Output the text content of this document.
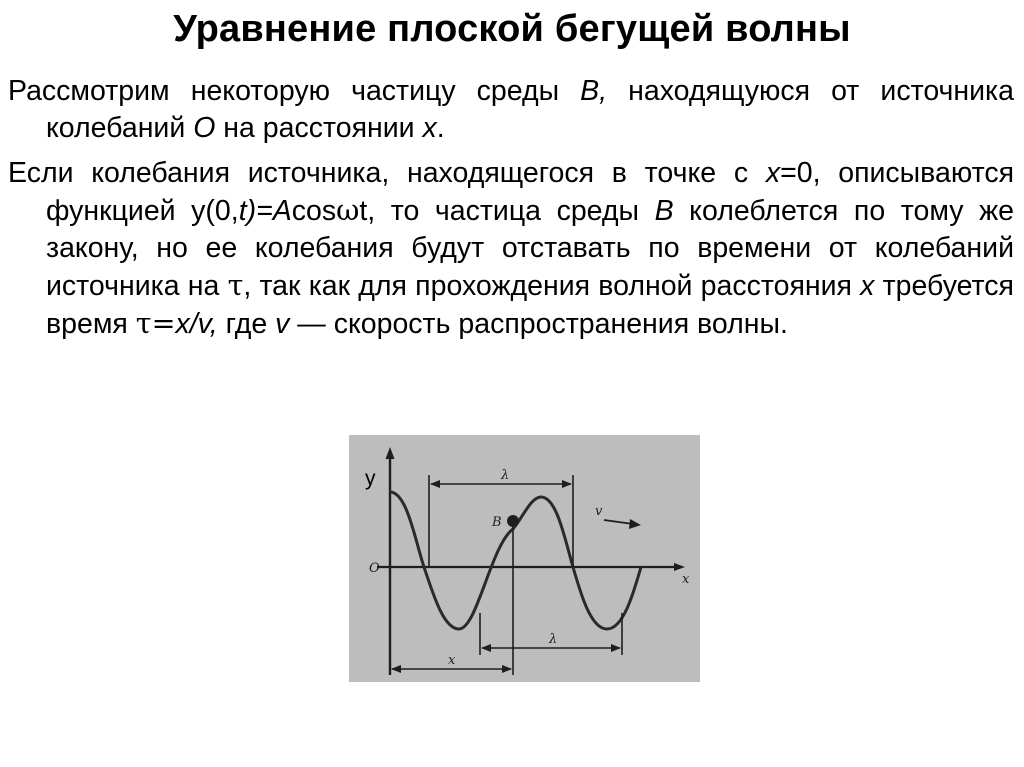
Уравнение плоской бегущей волны
Рассмотрим некоторую частицу среды B, находящуюся от источника колебаний O на расстоянии x.
Если колебания источника, находящегося в точке с x=0, описываются функцией y(0,t)=Acosωt, то частица среды B колеблется по тому же закону, но ее колебания будут отставать по времени от колебаний источника на τ, так как для прохождения волной расстояния x требуется время τ=x/v, где v — скорость распространения волны.
λ
λ
x
B
y
O
x
v
